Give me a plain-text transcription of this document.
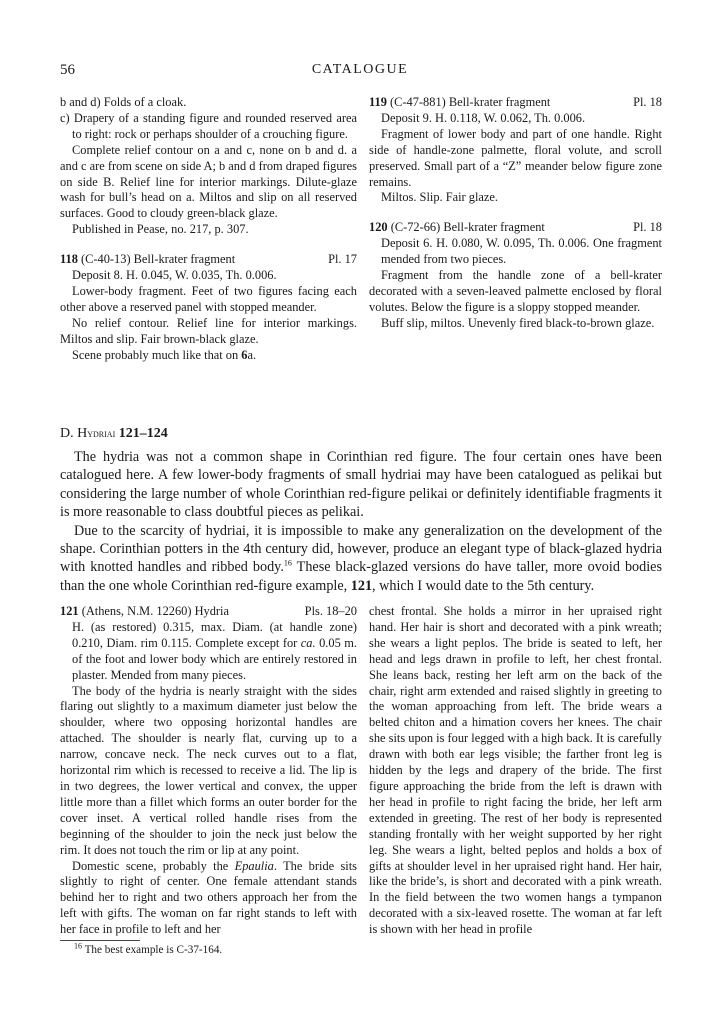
56	CATALOGUE

b and d) Folds of a cloak.

c) Drapery of a standing figure and rounded reserved area to right: rock or perhaps shoulder of a crouching figure.

Complete relief contour on a and c, none on b and d. a and c are from scene on side A; b and d from draped figures on side B. Relief line for interior markings. Dilute-glaze wash for bull’s head on a. Miltos and slip on all reserved surfaces. Good to cloudy green-black glaze.

Published in Pease, no. 217, p. 307.

118 (C-40-13) Bell-krater fragment	Pl. 17

Deposit 8. H. 0.045, W. 0.035, Th. 0.006.

Lower-body fragment. Feet of two figures facing each other above a reserved panel with stopped meander.

No relief contour. Relief line for interior markings. Miltos and slip. Fair brown-black glaze.

Scene probably much like that on 6a.

119 (C-47-881) Bell-krater fragment	Pl. 18

Deposit 9. H. 0.118, W. 0.062, Th. 0.006.

Fragment of lower body and part of one handle. Right side of handle-zone palmette, floral volute, and scroll preserved. Small part of a “Z” meander below figure zone remains.

Miltos. Slip. Fair glaze.

120 (C-72-66) Bell-krater fragment	Pl. 18

Deposit 6. H. 0.080, W. 0.095, Th. 0.006. One fragment mended from two pieces.

Fragment from the handle zone of a bell-krater decorated with a seven-leaved palmette enclosed by floral volutes. Below the figure is a sloppy stopped meander.

Buff slip, miltos. Unevenly fired black-to-brown glaze.

D. Hydriai 121–124

The hydria was not a common shape in Corinthian red figure. The four certain ones have been catalogued here. A few lower-body fragments of small hydriai may have been catalogued as pelikai but considering the large number of whole Corinthian red-figure pelikai or definitely identifiable fragments it is more reasonable to class doubtful pieces as pelikai.

Due to the scarcity of hydriai, it is impossible to make any generalization on the development of the shape. Corinthian potters in the 4th century did, however, produce an elegant type of black-glazed hydria with knotted handles and ribbed body.$^{16}$ These black-glazed versions do have taller, more ovoid bodies than the one whole Corinthian red-figure example, 121, which I would date to the 5th century.

121 (Athens, N.M. 12260) Hydria	Pls. 18–20

H. (as restored) 0.315, max. Diam. (at handle zone) 0.210, Diam. rim 0.115. Complete except for ca. 0.05 m. of the foot and lower body which are entirely restored in plaster. Mended from many pieces.

The body of the hydria is nearly straight with the sides flaring out slightly to a maximum diameter just below the shoulder, where two opposing horizontal handles are attached. The shoulder is nearly flat, curving up to a narrow, concave neck. The neck curves out to a flat, horizontal rim which is recessed to receive a lid. The lip is in two degrees, the lower vertical and convex, the upper little more than a fillet which forms an outer border for the cover inset. A vertical rolled handle rises from the beginning of the shoulder to join the neck just below the rim. It does not touch the rim or lip at any point.

Domestic scene, probably the Epaulia. The bride sits slightly to right of center. One female attendant stands behind her to right and two others approach her from the left with gifts. The woman on far right stands to left with her face in profile to left and her

chest frontal. She holds a mirror in her upraised right hand. Her hair is short and decorated with a pink wreath; she wears a light peplos. The bride is seated to left, her head and legs drawn in profile to left, her chest frontal. She leans back, resting her left arm on the back of the chair, right arm extended and raised slightly in greeting to the woman approaching from left. The bride wears a belted chiton and a himation covers her knees. The chair she sits upon is four legged with a high back. It is carefully drawn with both ear legs visible; the farther front leg is hidden by the legs and drapery of the bride. The first figure approaching the bride from the left is drawn with her head in profile to right facing the bride, her left arm extended in greeting. The rest of her body is represented standing frontally with her weight supported by her right leg. She wears a light, belted peplos and holds a box of gifts at shoulder level in her upraised right hand. Her hair, like the bride’s, is short and decorated with a pink wreath. In the field between the two women hangs a tympanon decorated with a six-leaved rosette. The woman at far left is shown with her head in profile

$^{16}$ The best example is C-37-164.
